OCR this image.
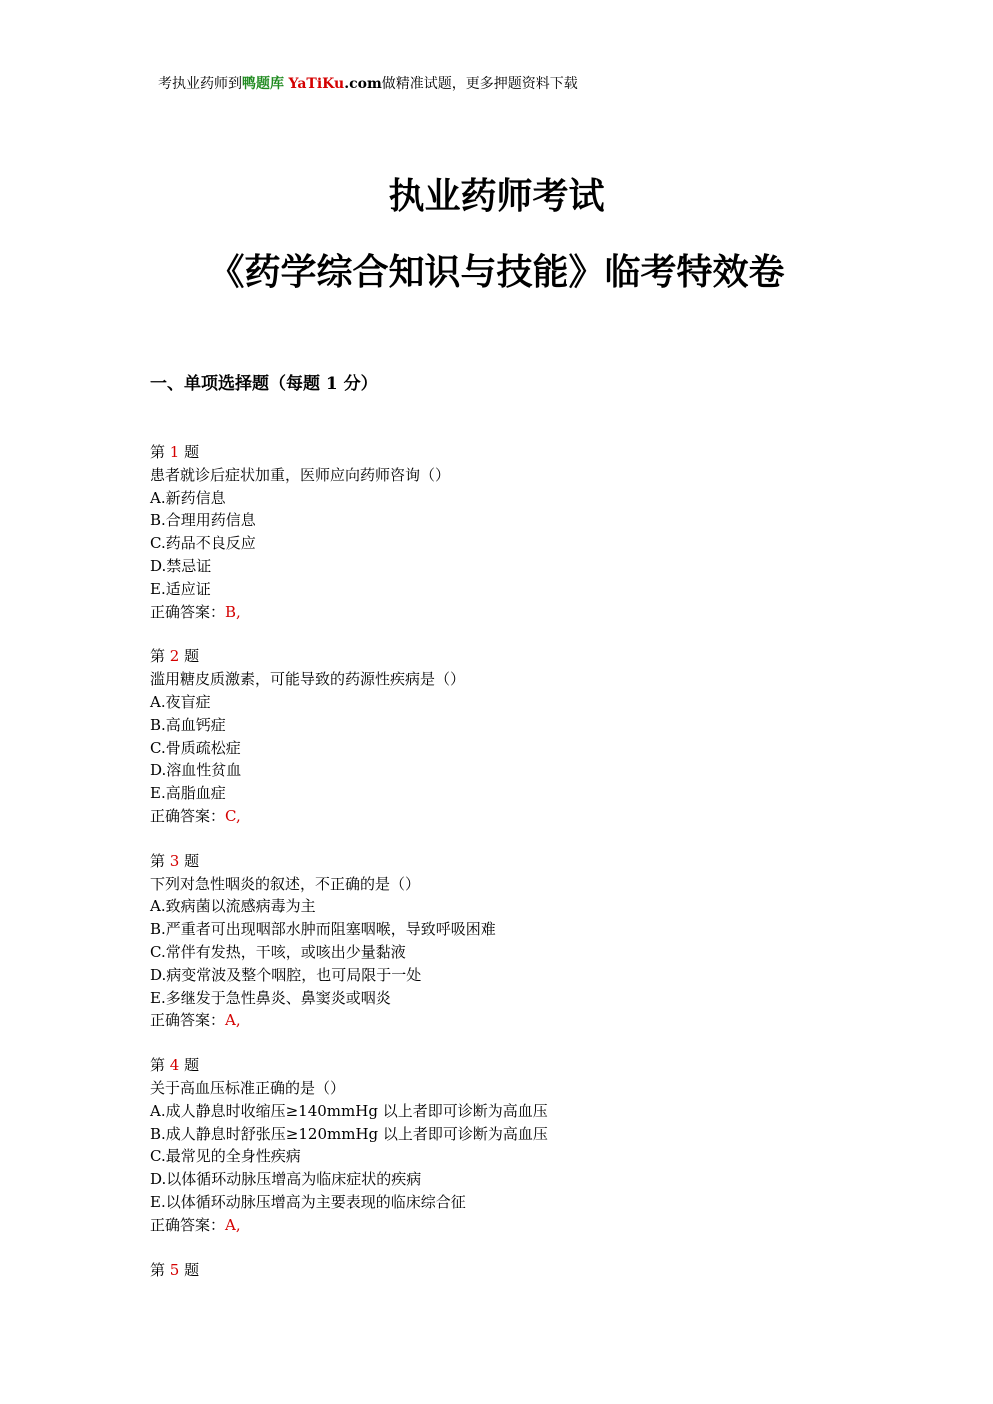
考执业药师到鸭题库 YaTiKu.com做精准试题，更多押题资料下载
执业药师考试
《药学综合知识与技能》临考特效卷
一、单项选择题（每题 1 分）
第 1 题
患者就诊后症状加重，医师应向药师咨询（）
A.新药信息
B.合理用药信息
C.药品不良反应
D.禁忌证
E.适应证
正确答案：B,
第 2 题
滥用糖皮质激素，可能导致的药源性疾病是（）
A.夜盲症
B.高血钙症
C.骨质疏松症
D.溶血性贫血
E.高脂血症
正确答案：C,
第 3 题
下列对急性咽炎的叙述，不正确的是（）
A.致病菌以流感病毒为主
B.严重者可出现咽部水肿而阻塞咽喉，导致呼吸困难
C.常伴有发热，干咳，或咳出少量黏液
D.病变常波及整个咽腔，也可局限于一处
E.多继发于急性鼻炎、鼻窦炎或咽炎
正确答案：A,
第 4 题
关于高血压标准正确的是（）
A.成人静息时收缩压≥140mmHg 以上者即可诊断为高血压
B.成人静息时舒张压≥120mmHg 以上者即可诊断为高血压
C.最常见的全身性疾病
D.以体循环动脉压增高为临床症状的疾病
E.以体循环动脉压增高为主要表现的临床综合征
正确答案：A,
第 5 题
